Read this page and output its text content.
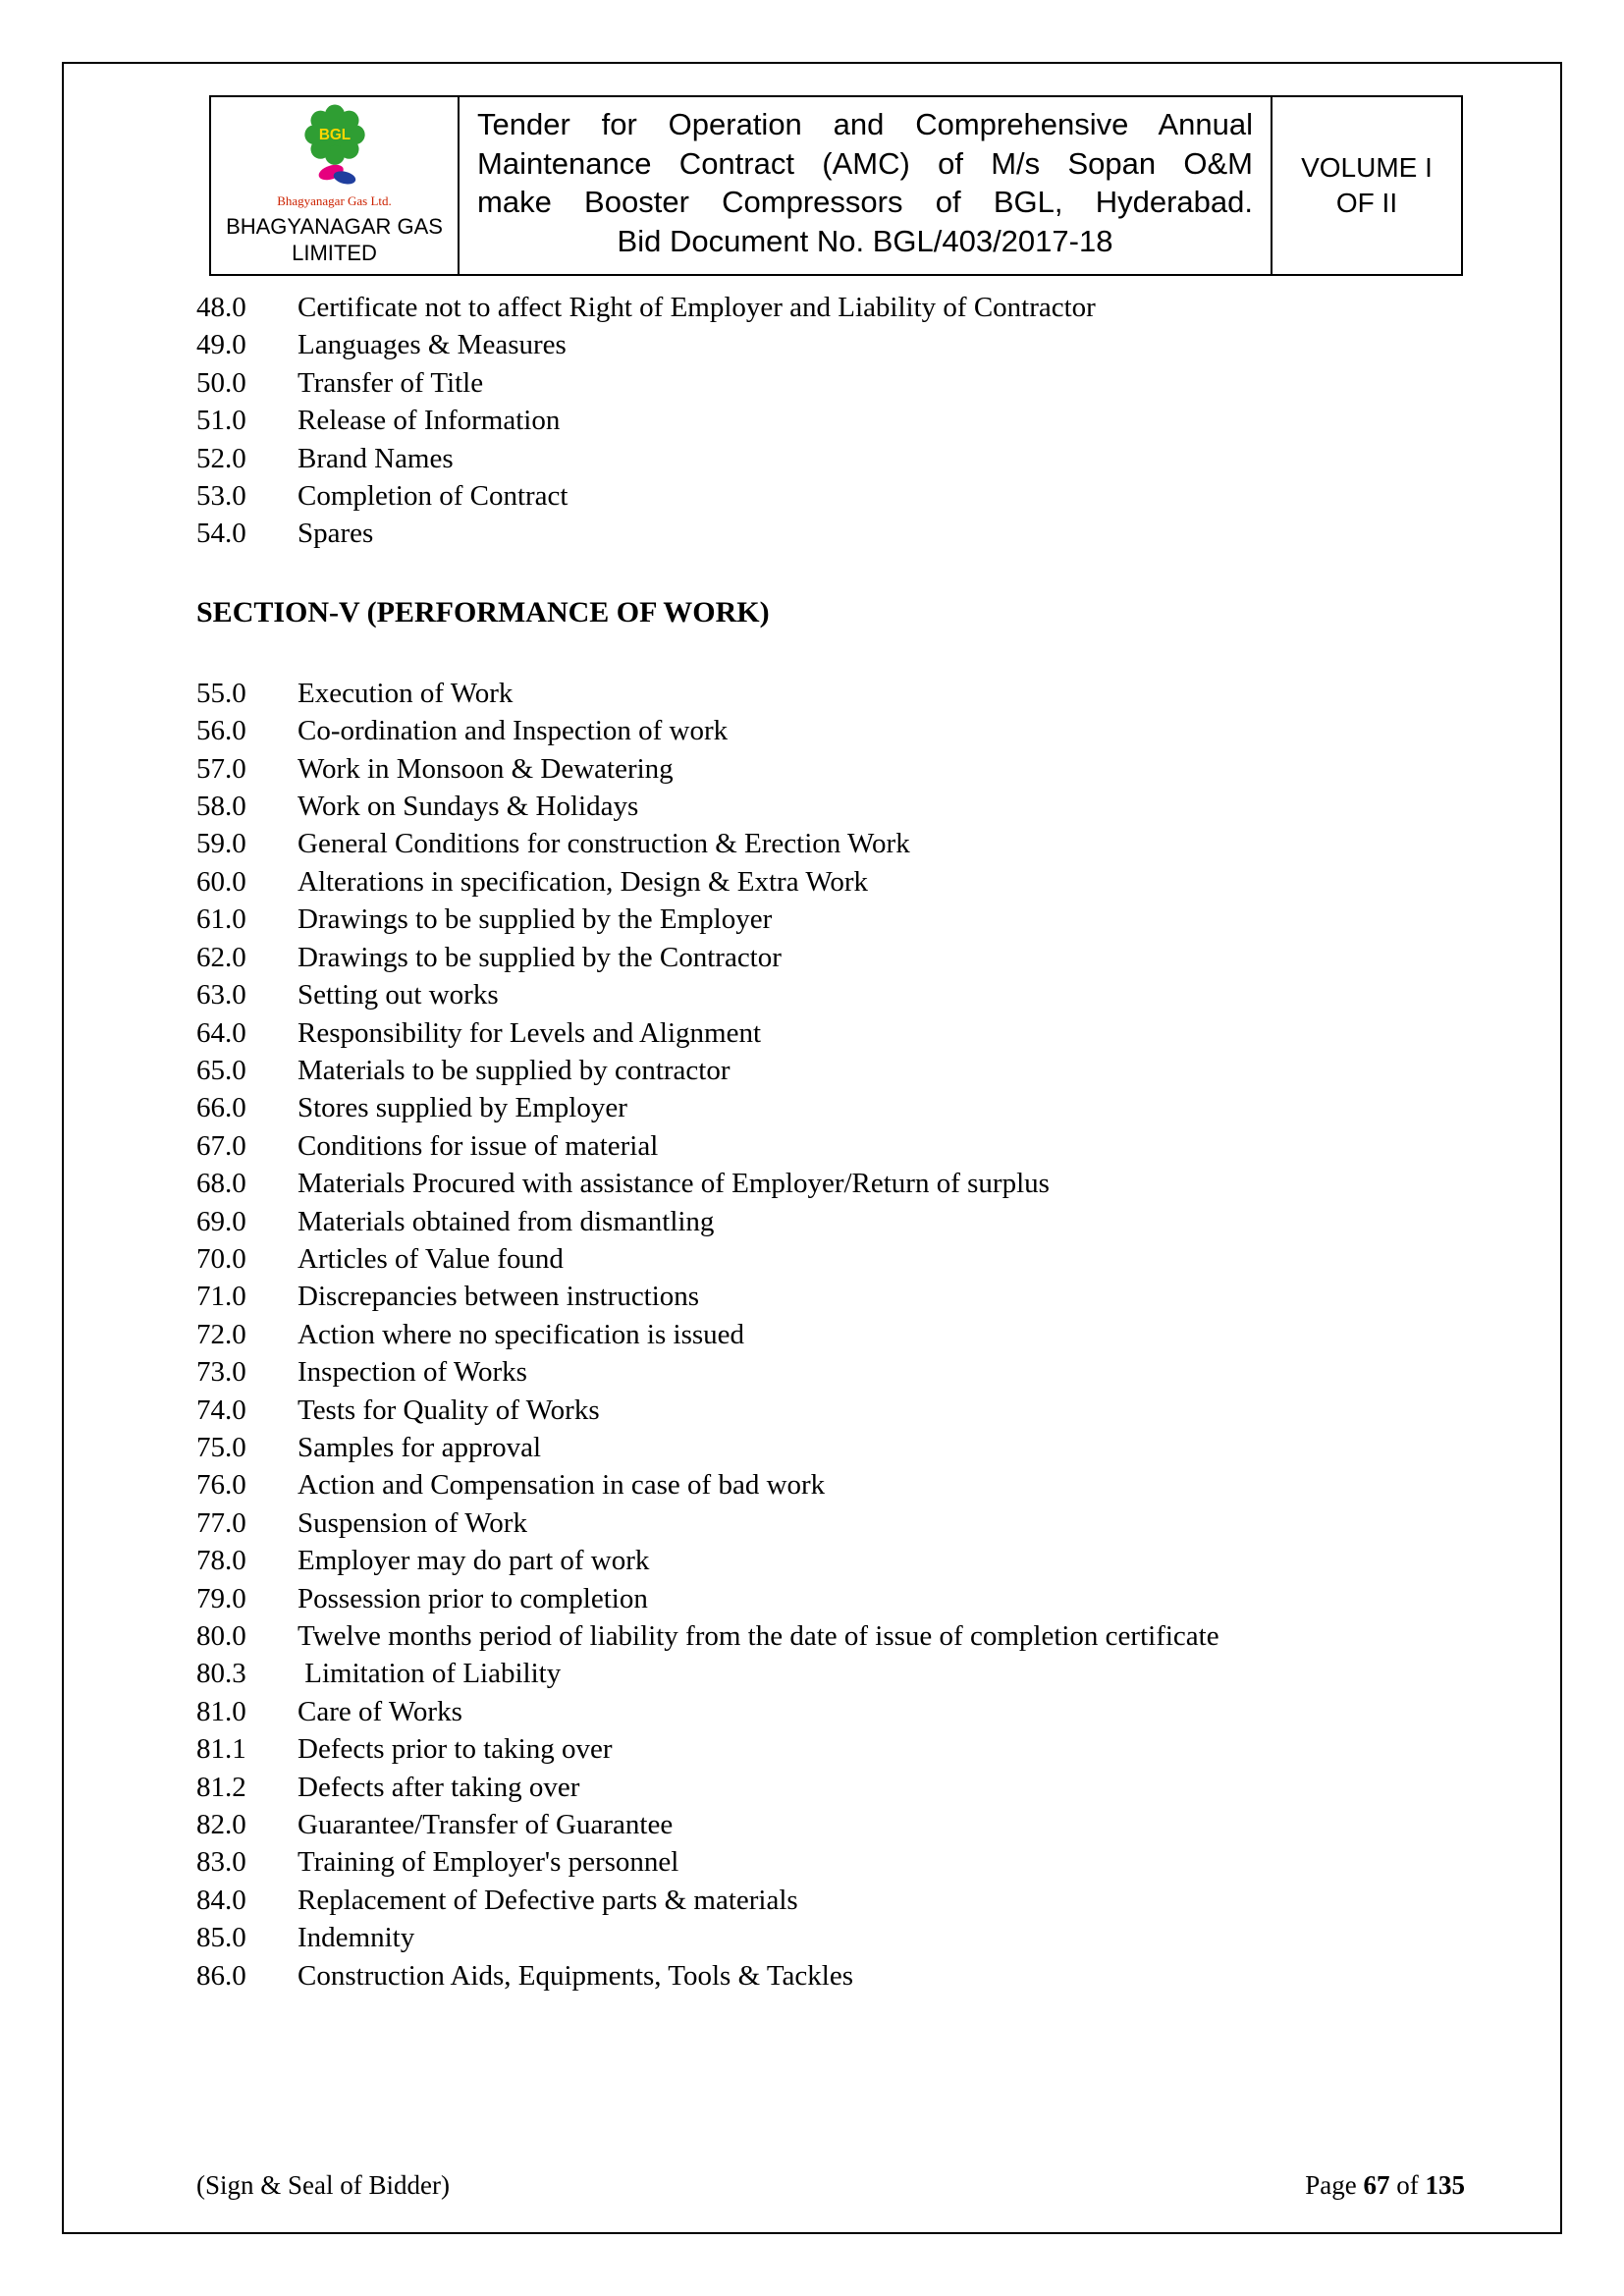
BGL
Bhagyanagar Gas Ltd.
BHAGYANAGAR GAS LIMITED
Tender for Operation and Comprehensive Annual
Maintenance Contract (AMC) of M/s Sopan O&M
make Booster Compressors of BGL, Hyderabad.
Bid Document No. BGL/403/2017-18
VOLUME I
OF II
48.0	Certificate not to affect Right of Employer and Liability of Contractor
49.0	Languages & Measures
50.0	Transfer of Title
51.0	Release of Information
52.0	Brand Names
53.0	Completion of Contract
54.0	Spares
SECTION-V (PERFORMANCE OF WORK)
55.0	Execution of Work
56.0	Co-ordination and Inspection of work
57.0	Work in Monsoon & Dewatering
58.0	Work on Sundays & Holidays
59.0	General Conditions for construction & Erection Work
60.0	Alterations in specification, Design & Extra Work
61.0	Drawings to be supplied by the Employer
62.0	Drawings to be supplied by the Contractor
63.0	Setting out works
64.0	Responsibility for Levels and Alignment
65.0	Materials to be supplied by contractor
66.0	Stores supplied by Employer
67.0	Conditions for issue of material
68.0	Materials Procured with assistance of Employer/Return of surplus
69.0	Materials obtained from dismantling
70.0	Articles of Value found
71.0	Discrepancies between instructions
72.0	Action where no specification is issued
73.0	Inspection of Works
74.0	Tests for Quality of Works
75.0	Samples for approval
76.0	Action and Compensation in case of bad work
77.0	Suspension of Work
78.0	Employer may do part of work
79.0	Possession prior to completion
80.0	Twelve months period of liability from the date of issue of completion certificate
80.3	Limitation of Liability
81.0	Care of Works
81.1	Defects prior to taking over
81.2	Defects after taking over
82.0	Guarantee/Transfer of Guarantee
83.0	Training of Employer's personnel
84.0	Replacement of Defective parts & materials
85.0	Indemnity
86.0	Construction Aids, Equipments, Tools & Tackles
(Sign & Seal of Bidder)	Page 67 of 135
